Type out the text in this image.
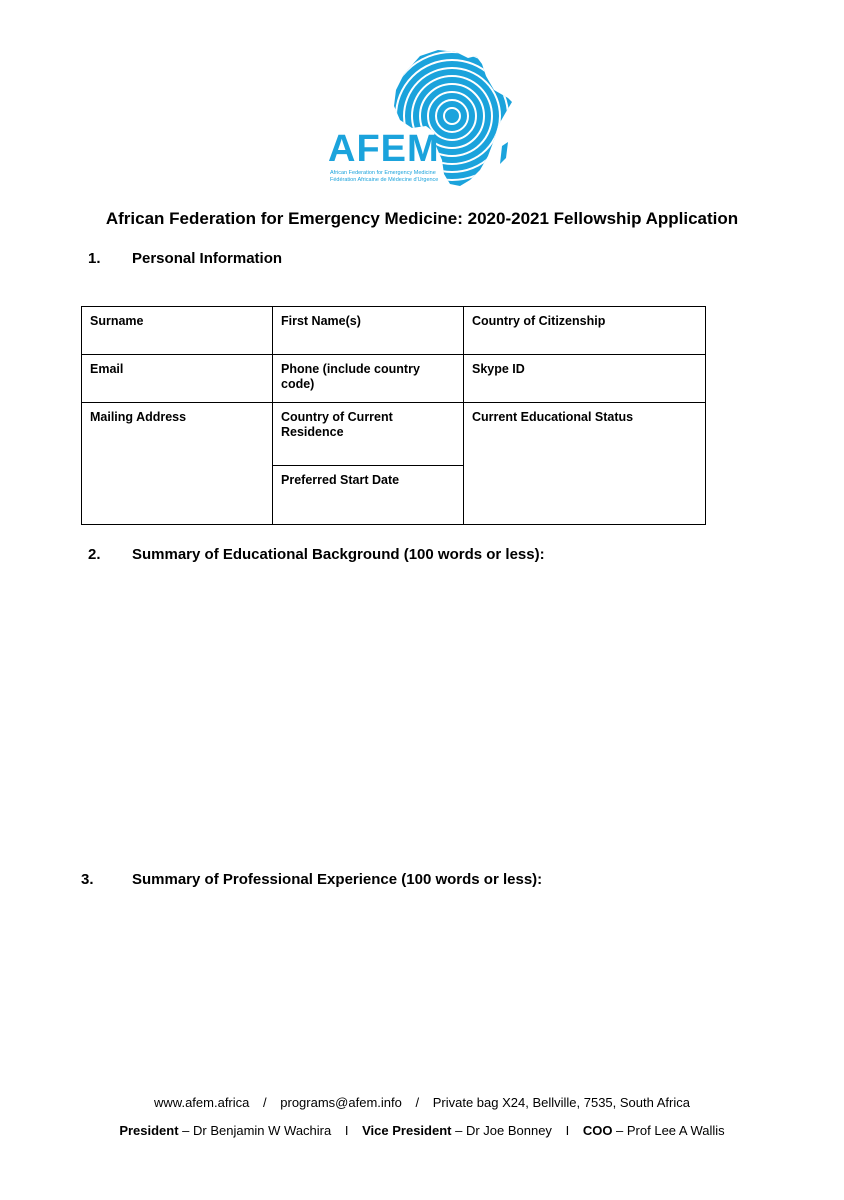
AFEM
African Federation for Emergency Medicine
Fédération Africaine de Médecine d'Urgence
African Federation for Emergency Medicine: 2020-2021 Fellowship Application
1. Personal Information
Surname	First Name(s)	Country of Citizenship
Email	Phone (include country code)	Skype ID
Mailing Address	Country of Current Residence	Current Educational Status
	Preferred Start Date	
2. Summary of Educational Background (100 words or less):
3.	Summary of Professional Experience (100 words or less):
www.afem.africa / programs@afem.info / Private bag X24, Bellville, 7535, South Africa
President – Dr Benjamin W Wachira I Vice President – Dr Joe Bonney I COO – Prof Lee A Wallis
